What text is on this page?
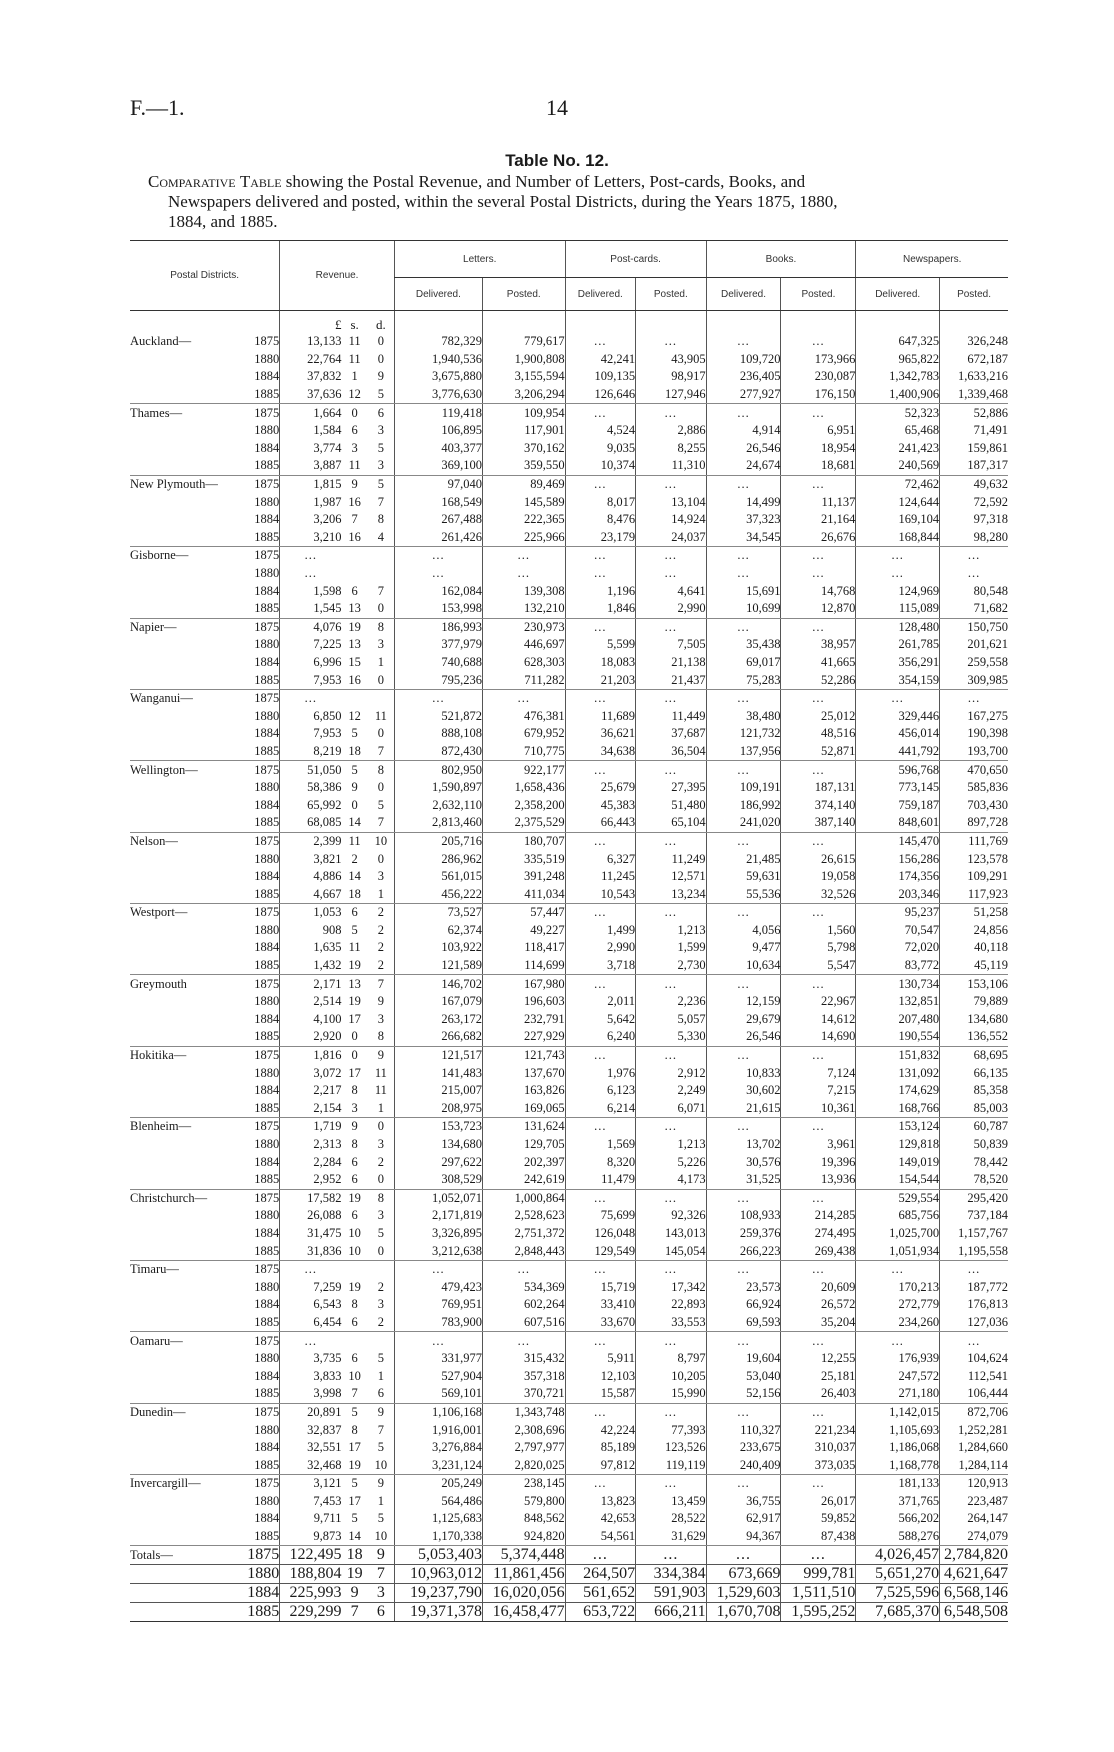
F.—1.	14
Table No. 12.
Comparative Table showing the Postal Revenue, and Number of Letters, Post-cards, Books, and
Newspapers delivered and posted, within the several Postal Districts, during the Years 1875, 1880,
1884, and 1885.
Postal Districts.		Revenue.			Letters.		Post-cards.		Books.		Newspapers.	
					Delivered.	Posted.	Delivered.	Posted.	Delivered.	Posted.	Delivered.	Posted.
		£	s.	d.								
Auckland—	1875	13,133	11	0	782,329	779,617	...	...	...	...	647,325	326,248
	1880	22,764	11	0	1,940,536	1,900,808	42,241	43,905	109,720	173,966	965,822	672,187
	1884	37,832	1	9	3,675,880	3,155,594	109,135	98,917	236,405	230,087	1,342,783	1,633,216
	1885	37,636	12	5	3,776,630	3,206,294	126,646	127,946	277,927	176,150	1,400,906	1,339,468
Thames—	1875	1,664	0	6	119,418	109,954	...	...	...	...	52,323	52,886
	1880	1,584	6	3	106,895	117,901	4,524	2,886	4,914	6,951	65,468	71,491
	1884	3,774	3	5	403,377	370,162	9,035	8,255	26,546	18,954	241,423	159,861
	1885	3,887	11	3	369,100	359,550	10,374	11,310	24,674	18,681	240,569	187,317
New Plymouth—	1875	1,815	9	5	97,040	89,469	...	...	...	...	72,462	49,632
	1880	1,987	16	7	168,549	145,589	8,017	13,104	14,499	11,137	124,644	72,592
	1884	3,206	7	8	267,488	222,365	8,476	14,924	37,323	21,164	169,104	97,318
	1885	3,210	16	4	261,426	225,966	23,179	24,037	34,545	26,676	168,844	98,280
Gisborne—	1875	...			...	...	...	...	...	...	...	...
	1880	...			...	...	...	...	...	...	...	...
	1884	1,598	6	7	162,084	139,308	1,196	4,641	15,691	14,768	124,969	80,548
	1885	1,545	13	0	153,998	132,210	1,846	2,990	10,699	12,870	115,089	71,682
Napier—	1875	4,076	19	8	186,993	230,973	...	...	...	...	128,480	150,750
	1880	7,225	13	3	377,979	446,697	5,599	7,505	35,438	38,957	261,785	201,621
	1884	6,996	15	1	740,688	628,303	18,083	21,138	69,017	41,665	356,291	259,558
	1885	7,953	16	0	795,236	711,282	21,203	21,437	75,283	52,286	354,159	309,985
Wanganui—	1875	...			...	...	...	...	...	...	...	...
	1880	6,850	12	11	521,872	476,381	11,689	11,449	38,480	25,012	329,446	167,275
	1884	7,953	5	0	888,108	679,952	36,621	37,687	121,732	48,516	456,014	190,398
	1885	8,219	18	7	872,430	710,775	34,638	36,504	137,956	52,871	441,792	193,700
Wellington—	1875	51,050	5	8	802,950	922,177	...	...	...	...	596,768	470,650
	1880	58,386	9	0	1,590,897	1,658,436	25,679	27,395	109,191	187,131	773,145	585,836
	1884	65,992	0	5	2,632,110	2,358,200	45,383	51,480	186,992	374,140	759,187	703,430
	1885	68,085	14	7	2,813,460	2,375,529	66,443	65,104	241,020	387,140	848,601	897,728
Nelson—	1875	2,399	11	10	205,716	180,707	...	...	...	...	145,470	111,769
	1880	3,821	2	0	286,962	335,519	6,327	11,249	21,485	26,615	156,286	123,578
	1884	4,886	14	3	561,015	391,248	11,245	12,571	59,631	19,058	174,356	109,291
	1885	4,667	18	1	456,222	411,034	10,543	13,234	55,536	32,526	203,346	117,923
Westport—	1875	1,053	6	2	73,527	57,447	...	...	...	...	95,237	51,258
	1880	908	5	2	62,374	49,227	1,499	1,213	4,056	1,560	70,547	24,856
	1884	1,635	11	2	103,922	118,417	2,990	1,599	9,477	5,798	72,020	40,118
	1885	1,432	19	2	121,589	114,699	3,718	2,730	10,634	5,547	83,772	45,119
Greymouth	1875	2,171	13	7	146,702	167,980	...	...	...	...	130,734	153,106
	1880	2,514	19	9	167,079	196,603	2,011	2,236	12,159	22,967	132,851	79,889
	1884	4,100	17	3	263,172	232,791	5,642	5,057	29,679	14,612	207,480	134,680
	1885	2,920	0	8	266,682	227,929	6,240	5,330	26,546	14,690	190,554	136,552
Hokitika—	1875	1,816	0	9	121,517	121,743	...	...	...	...	151,832	68,695
	1880	3,072	17	11	141,483	137,670	1,976	2,912	10,833	7,124	131,092	66,135
	1884	2,217	8	11	215,007	163,826	6,123	2,249	30,602	7,215	174,629	85,358
	1885	2,154	3	1	208,975	169,065	6,214	6,071	21,615	10,361	168,766	85,003
Blenheim—	1875	1,719	9	0	153,723	131,624	...	...	...	...	153,124	60,787
	1880	2,313	8	3	134,680	129,705	1,569	1,213	13,702	3,961	129,818	50,839
	1884	2,284	6	2	297,622	202,397	8,320	5,226	30,576	19,396	149,019	78,442
	1885	2,952	6	0	308,529	242,619	11,479	4,173	31,525	13,936	154,544	78,520
Christchurch—	1875	17,582	19	8	1,052,071	1,000,864	...	...	...	...	529,554	295,420
	1880	26,088	6	3	2,171,819	2,528,623	75,699	92,326	108,933	214,285	685,756	737,184
	1884	31,475	10	5	3,326,895	2,751,372	126,048	143,013	259,376	274,495	1,025,700	1,157,767
	1885	31,836	10	0	3,212,638	2,848,443	129,549	145,054	266,223	269,438	1,051,934	1,195,558
Timaru—	1875	...			...	...	...	...	...	...	...	...
	1880	7,259	19	2	479,423	534,369	15,719	17,342	23,573	20,609	170,213	187,772
	1884	6,543	8	3	769,951	602,264	33,410	22,893	66,924	26,572	272,779	176,813
	1885	6,454	6	2	783,900	607,516	33,670	33,553	69,593	35,204	234,260	127,036
Oamaru—	1875	...			...	...	...	...	...	...	...	...
	1880	3,735	6	5	331,977	315,432	5,911	8,797	19,604	12,255	176,939	104,624
	1884	3,833	10	1	527,904	357,318	12,103	10,205	53,040	25,181	247,572	112,541
	1885	3,998	7	6	569,101	370,721	15,587	15,990	52,156	26,403	271,180	106,444
Dunedin—	1875	20,891	5	9	1,106,168	1,343,748	...	...	...	...	1,142,015	872,706
	1880	32,837	8	7	1,916,001	2,308,696	42,224	77,393	110,327	221,234	1,105,693	1,252,281
	1884	32,551	17	5	3,276,884	2,797,977	85,189	123,526	233,675	310,037	1,186,068	1,284,660
	1885	32,468	19	10	3,231,124	2,820,025	97,812	119,119	240,409	373,035	1,168,778	1,284,114
Invercargill—	1875	3,121	5	9	205,249	238,145	...	...	...	...	181,133	120,913
	1880	7,453	17	1	564,486	579,800	13,823	13,459	36,755	26,017	371,765	223,487
	1884	9,711	5	5	1,125,683	848,562	42,653	28,522	62,917	59,852	566,202	264,147
	1885	9,873	14	10	1,170,338	924,820	54,561	31,629	94,367	87,438	588,276	274,079
Totals—	1875	122,495	18	9	5,053,403	5,374,448	...	...	...	...	4,026,457	2,784,820
	1880	188,804	19	7	10,963,012	11,861,456	264,507	334,384	673,669	999,781	5,651,270	4,621,647
	1884	225,993	9	3	19,237,790	16,020,056	561,652	591,903	1,529,603	1,511,510	7,525,596	6,568,146
	1885	229,299	7	6	19,371,378	16,458,477	653,722	666,211	1,670,708	1,595,252	7,685,370	6,548,508
